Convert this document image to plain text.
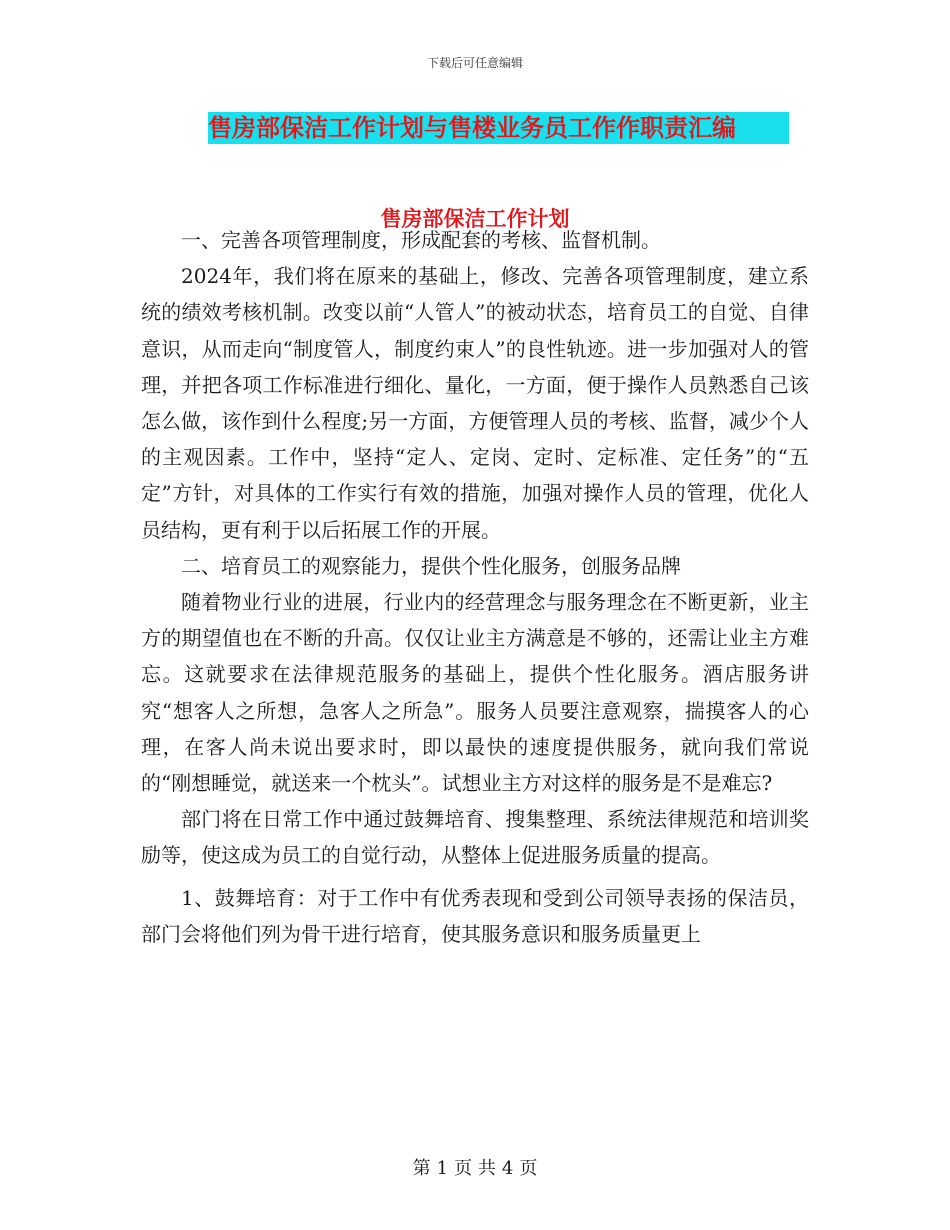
下载后可任意编辑
售房部保洁工作计划与售楼业务员工作作职责汇编
售房部保洁工作计划

一、完善各项管理制度，形成配套的考核、监督机制。

2024年，我们将在原来的基础上，修改、完善各项管理制度，建立系统的绩效考核机制。改变以前“人管人”的被动状态，培育员工的自觉、自律意识，从而走向“制度管人，制度约束人”的良性轨迹。进一步加强对人的管理，并把各项工作标准进行细化、量化，一方面，便于操作人员熟悉自己该怎么做，该作到什么程度;另一方面，方便管理人员的考核、监督，减少个人的主观因素。工作中，坚持“定人、定岗、定时、定标准、定任务”的“五定”方针，对具体的工作实行有效的措施，加强对操作人员的管理，优化人员结构，更有利于以后拓展工作的开展。

二、培育员工的观察能力，提供个性化服务，创服务品牌

随着物业行业的进展，行业内的经营理念与服务理念在不断更新，业主方的期望值也在不断的升高。仅仅让业主方满意是不够的，还需让业主方难忘。这就要求在法律规范服务的基础上，提供个性化服务。酒店服务讲究“想客人之所想，急客人之所急”。服务人员要注意观察，揣摸客人的心理，在客人尚未说出要求时，即以最快的速度提供服务，就向我们常说的“刚想睡觉，就送来一个枕头”。试想业主方对这样的服务是不是难忘?

部门将在日常工作中通过鼓舞培育、搜集整理、系统法律规范和培训奖励等，使这成为员工的自觉行动，从整体上促进服务质量的提高。

1、鼓舞培育：对于工作中有优秀表现和受到公司领导表扬的保洁员，部门会将他们列为骨干进行培育，使其服务意识和服务质量更上

第 1 页 共 4 页
